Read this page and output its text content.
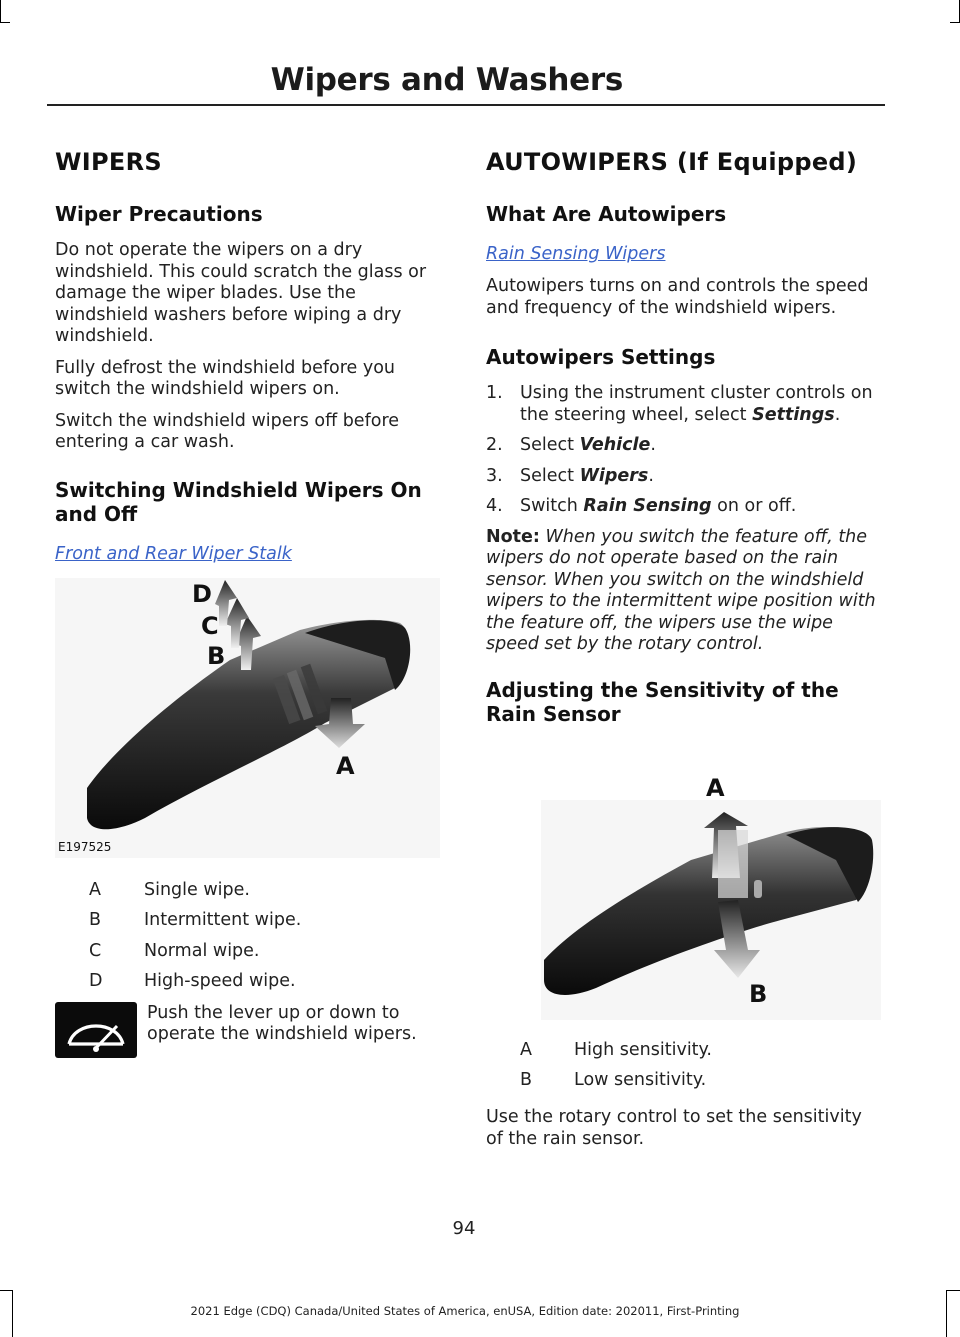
Wipers and Washers
WIPERS
Wiper Precautions

Do not operate the wipers on a dry windshield. This could scratch the glass or damage the wiper blades. Use the windshield washers before wiping a dry windshield.

Fully defrost the windshield before you switch the windshield wipers on.

Switch the windshield wipers off before entering a car wash.

Switching Windshield Wipers On and Off
Front and Rear Wiper Stalk
D
C
B
A
E197525
A	Single wipe.
B	Intermittent wipe.
C	Normal wipe.
D	High-speed wipe.
Push the lever up or down to operate the windshield wipers.
AUTOWIPERS (If Equipped)
What Are Autowipers
Rain Sensing Wipers

Autowipers turns on and controls the speed and frequency of the windshield wipers.

Autowipers Settings
1. Using the instrument cluster controls on the steering wheel, select Settings.
2. Select Vehicle.
3. Select Wipers.
4. Switch Rain Sensing on or off.
Note: When you switch the feature off, the wipers do not operate based on the rain sensor. When you switch on the windshield wipers to the intermittent wipe position with the feature off, the wipers use the wipe speed set by the rotary control.
Adjusting the Sensitivity of the Rain Sensor
A
B
A	High sensitivity.
B	Low sensitivity.

Use the rotary control to set the sensitivity of the rain sensor.

94
2021 Edge (CDQ) Canada/United States of America, enUSA, Edition date: 202011, First-Printing
